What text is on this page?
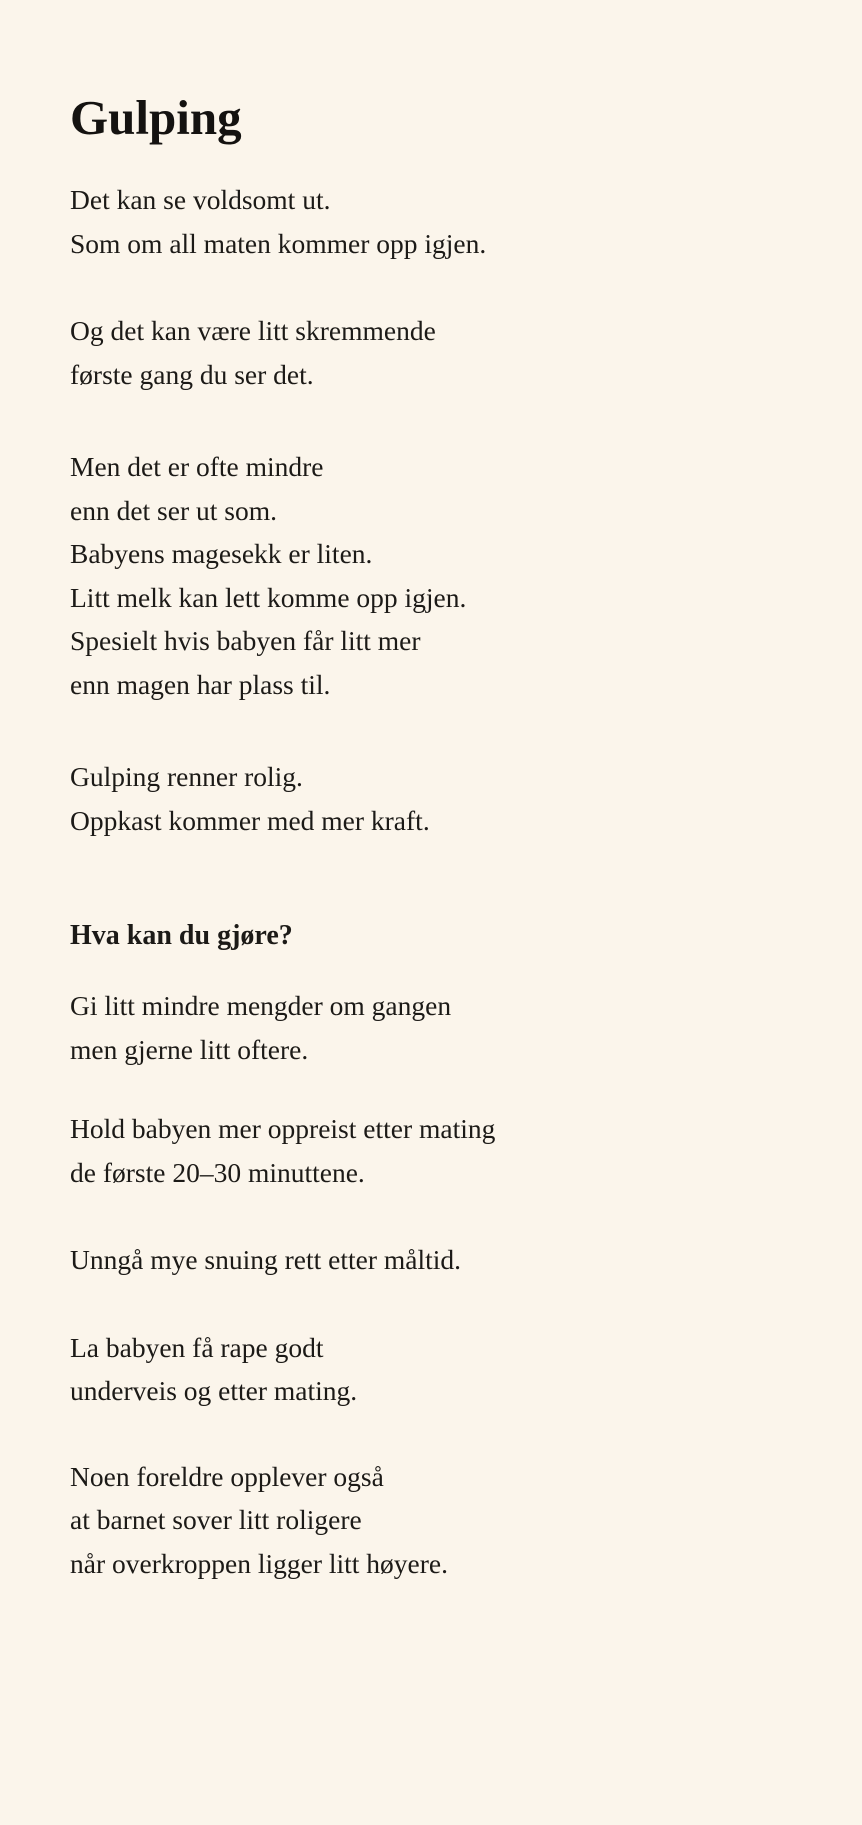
Gulping

Det kan se voldsomt ut.
Som om all maten kommer opp igjen.

Og det kan være litt skremmende
første gang du ser det.

Men det er ofte mindre
enn det ser ut som.
Babyens magesekk er liten.
Litt melk kan lett komme opp igjen.
Spesielt hvis babyen får litt mer
enn magen har plass til.

Gulping renner rolig.
Oppkast kommer med mer kraft.

Hva kan du gjøre?

Gi litt mindre mengder om gangen
men gjerne litt oftere.

Hold babyen mer oppreist etter mating
de første 20–30 minuttene.

Unngå mye snuing rett etter måltid.

La babyen få rape godt
underveis og etter mating.

Noen foreldre opplever også
at barnet sover litt roligere
når overkroppen ligger litt høyere.
